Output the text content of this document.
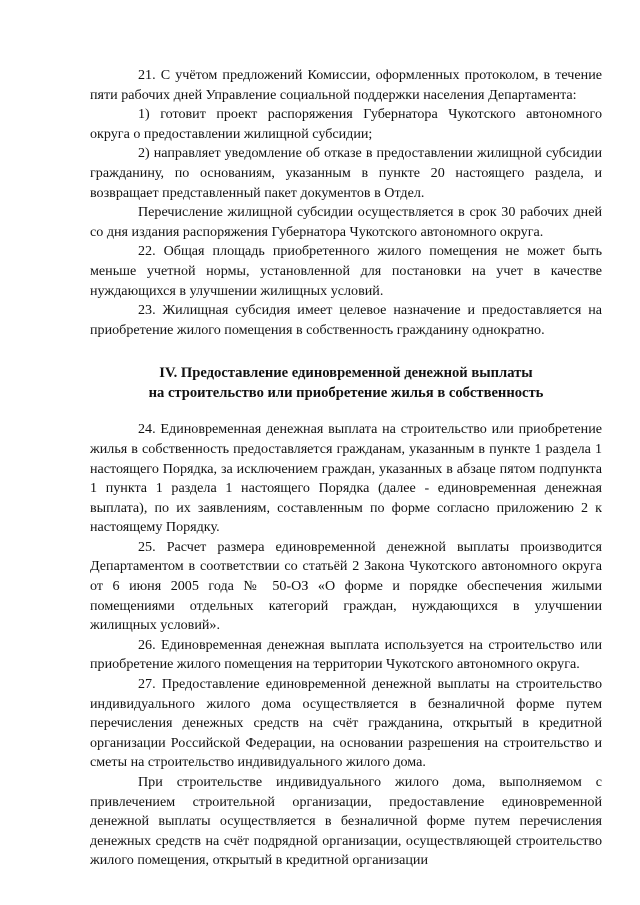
21. С учётом предложений Комиссии, оформленных протоколом, в течение пяти рабочих дней Управление социальной поддержки населения Департамента:

1) готовит проект распоряжения Губернатора Чукотского автономного округа о предоставлении жилищной субсидии;

2) направляет уведомление об отказе в предоставлении жилищной субсидии гражданину, по основаниям, указанным в пункте 20 настоящего раздела, и возвращает представленный пакет документов в Отдел.

Перечисление жилищной субсидии осуществляется в срок 30 рабочих дней со дня издания распоряжения Губернатора Чукотского автономного округа.

22. Общая площадь приобретенного жилого помещения не может быть меньше учетной нормы, установленной для постановки на учет в качестве нуждающихся в улучшении жилищных условий.

23. Жилищная субсидия имеет целевое назначение и предоставляется на приобретение жилого помещения в собственность гражданину однократно.

IV. Предоставление единовременной денежной выплаты
на строительство или приобретение жилья в собственность

24. Единовременная денежная выплата на строительство или приобретение жилья в собственность предоставляется гражданам, указанным в пункте 1 раздела 1 настоящего Порядка, за исключением граждан, указанных в абзаце пятом подпункта 1 пункта 1 раздела 1 настоящего Порядка (далее - единовременная денежная выплата), по их заявлениям, составленным по форме согласно приложению 2 к настоящему Порядку.

25. Расчет размера единовременной денежной выплаты производится Департаментом в соответствии со статьёй 2 Закона Чукотского автономного округа от 6 июня 2005 года № 50-ОЗ «О форме и порядке обеспечения жилыми помещениями отдельных категорий граждан, нуждающихся в улучшении жилищных условий».

26. Единовременная денежная выплата используется на строительство или приобретение жилого помещения на территории Чукотского автономного округа.

27. Предоставление единовременной денежной выплаты на строительство индивидуального жилого дома осуществляется в безналичной форме путем перечисления денежных средств на счёт гражданина, открытый в кредитной организации Российской Федерации, на основании разрешения на строительство и сметы на строительство индивидуального жилого дома.

При строительстве индивидуального жилого дома, выполняемом с привлечением строительной организации, предоставление единовременной денежной выплаты осуществляется в безналичной форме путем перечисления денежных средств на счёт подрядной организации, осуществляющей строительство жилого помещения, открытый в кредитной организации
